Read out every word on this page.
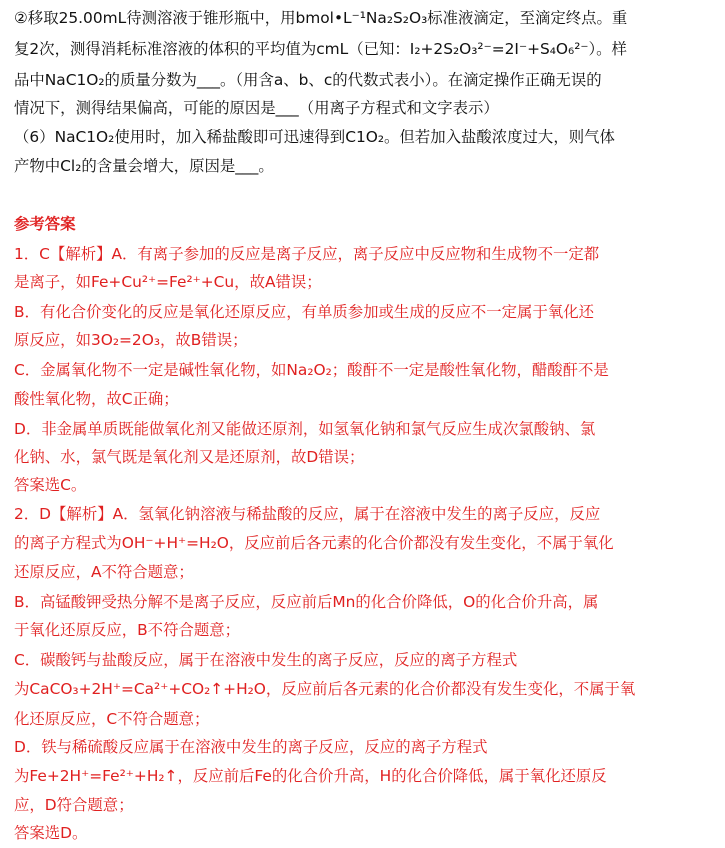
②移取25.00mL待测溶液于锥形瓶中，用bmol•L⁻¹Na₂S₂O₃标准液滴定，至滴定终点。重
复2次，测得消耗标准溶液的体积的平均值为cmL（已知：I₂+2S₂O₃²⁻=2I⁻+S₄O₆²⁻）。样
品中NaC1O₂的质量分数为___。（用含a、b、c的代数式表小）。在滴定操作正确无误的
情况下，测得结果偏高，可能的原因是___（用离子方程式和文字表示）
（6）NaC1O₂使用时，加入稀盐酸即可迅速得到C1O₂。但若加入盐酸浓度过大，则气体
产物中Cl₂的含量会增大，原因是___。
参考答案
1．C【解析】A．有离子参加的反应是离子反应，离子反应中反应物和生成物不一定都
是离子，如Fe+Cu²⁺=Fe²⁺+Cu，故A错误；
B．有化合价变化的反应是氧化还原反应，有单质参加或生成的反应不一定属于氧化还
原反应，如3O₂=2O₃，故B错误；
C．金属氧化物不一定是碱性氧化物，如Na₂O₂；酸酐不一定是酸性氧化物，醋酸酐不是
酸性氧化物，故C正确；
D．非金属单质既能做氧化剂又能做还原剂，如氢氧化钠和氯气反应生成次氯酸钠、氯
化钠、水，氯气既是氧化剂又是还原剂，故D错误；
答案选C。
2．D【解析】A．氢氧化钠溶液与稀盐酸的反应，属于在溶液中发生的离子反应，反应
的离子方程式为OH⁻+H⁺=H₂O，反应前后各元素的化合价都没有发生变化，不属于氧化
还原反应，A不符合题意；
B．高锰酸钾受热分解不是离子反应，反应前后Mn的化合价降低，O的化合价升高，属
于氧化还原反应，B不符合题意；
C．碳酸钙与盐酸反应，属于在溶液中发生的离子反应，反应的离子方程式
为CaCO₃+2H⁺=Ca²⁺+CO₂↑+H₂O，反应前后各元素的化合价都没有发生变化，不属于氧
化还原反应，C不符合题意；
D．铁与稀硫酸反应属于在溶液中发生的离子反应，反应的离子方程式
为Fe+2H⁺=Fe²⁺+H₂↑，反应前后Fe的化合价升高，H的化合价降低，属于氧化还原反
应，D符合题意；
答案选D。
